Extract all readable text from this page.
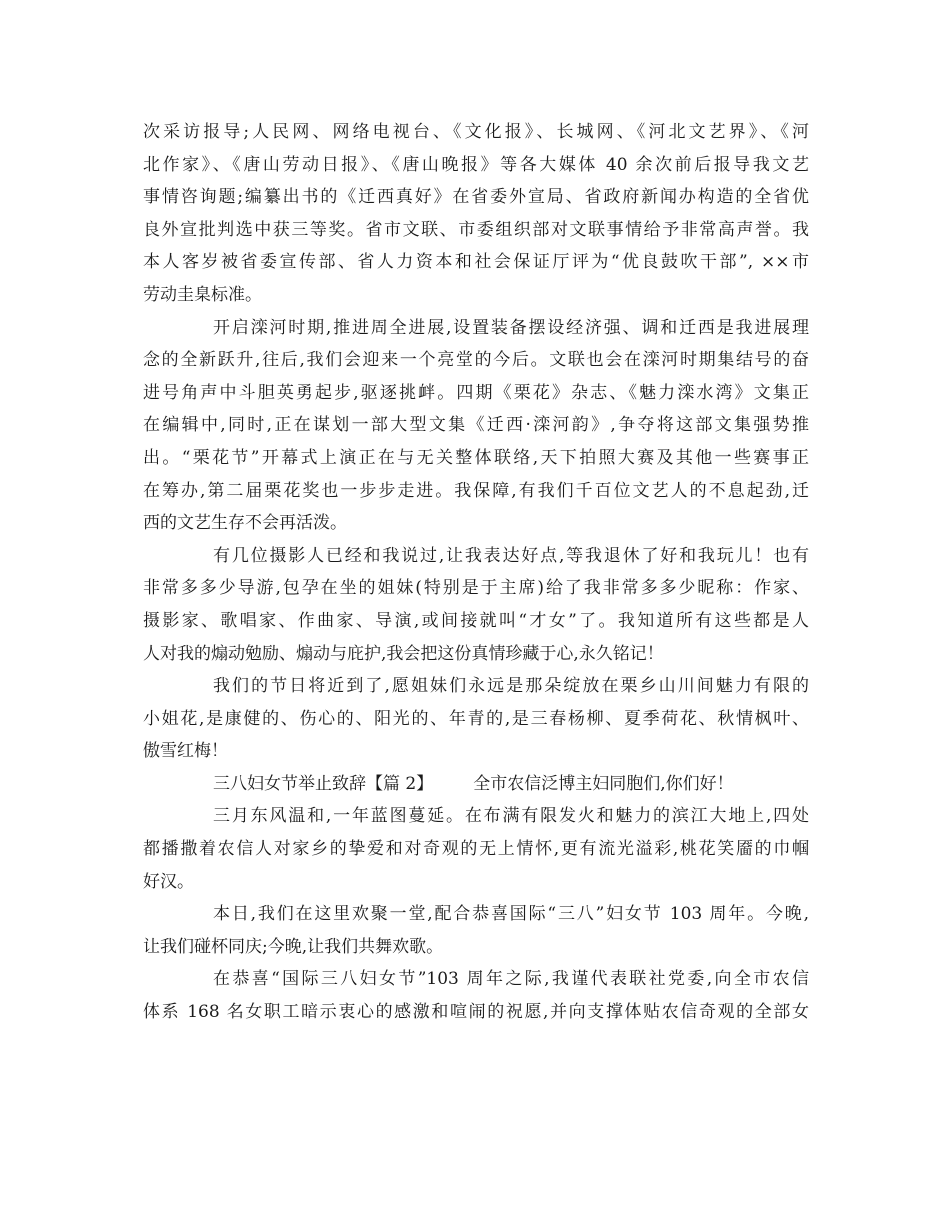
次采访报导;人民网、网络电视台、《文化报》、长城网、《河北文艺界》、《河
北作家》、《唐山劳动日报》、《唐山晚报》等各大媒体 40 余次前后报导我文艺
事情咨询题;编纂出书的《迁西真好》在省委外宣局、省政府新闻办构造的全省优
良外宣批判选中获三等奖。省市文联、市委组织部对文联事情给予非常高声誉。我
本人客岁被省委宣传部、省人力资本和社会保证厅评为“优良鼓吹干部”, ××市
劳动圭臬标准。
开启滦河时期,推进周全进展,设置装备摆设经济强、调和迁西是我进展理
念的全新跃升,往后,我们会迎来一个亮堂的今后。文联也会在滦河时期集结号的奋
进号角声中斗胆英勇起步,驱逐挑衅。四期《栗花》杂志、《魅力滦水湾》文集正
在编辑中,同时,正在谋划一部大型文集《迁西·滦河韵》,争夺将这部文集强势推
出。“栗花节”开幕式上演正在与无关整体联络,天下拍照大赛及其他一些赛事正
在筹办,第二届栗花奖也一步步走进。我保障,有我们千百位文艺人的不息起劲,迁
西的文艺生存不会再活泼。
有几位摄影人已经和我说过,让我表达好点,等我退休了好和我玩儿！也有
非常多多少导游,包孕在坐的姐妹(特别是于主席)给了我非常多多少昵称：作家、
摄影家、歌唱家、作曲家、导演,或间接就叫“才女”了。我知道所有这些都是人
人对我的煽动勉励、煽动与庇护,我会把这份真情珍藏于心,永久铭记！
我们的节日将近到了,愿姐妹们永远是那朵绽放在栗乡山川间魅力有限的
小姐花,是康健的、伤心的、阳光的、年青的,是三春杨柳、夏季荷花、秋情枫叶、
傲雪红梅！
三八妇女节举止致辞【篇 2】 全市农信泛博主妇同胞们,你们好！
三月东风温和,一年蓝图蔓延。在布满有限发火和魅力的滨江大地上,四处
都播撒着农信人对家乡的挚爱和对奇观的无上情怀,更有流光溢彩,桃花笑靥的巾帼
好汉。
本日,我们在这里欢聚一堂,配合恭喜国际“三八”妇女节 103 周年。今晚,
让我们碰杯同庆;今晚,让我们共舞欢歌。
在恭喜“国际三八妇女节”103 周年之际,我谨代表联社党委,向全市农信
体系 168 名女职工暗示衷心的感激和喧闹的祝愿,并向支撑体贴农信奇观的全部女
